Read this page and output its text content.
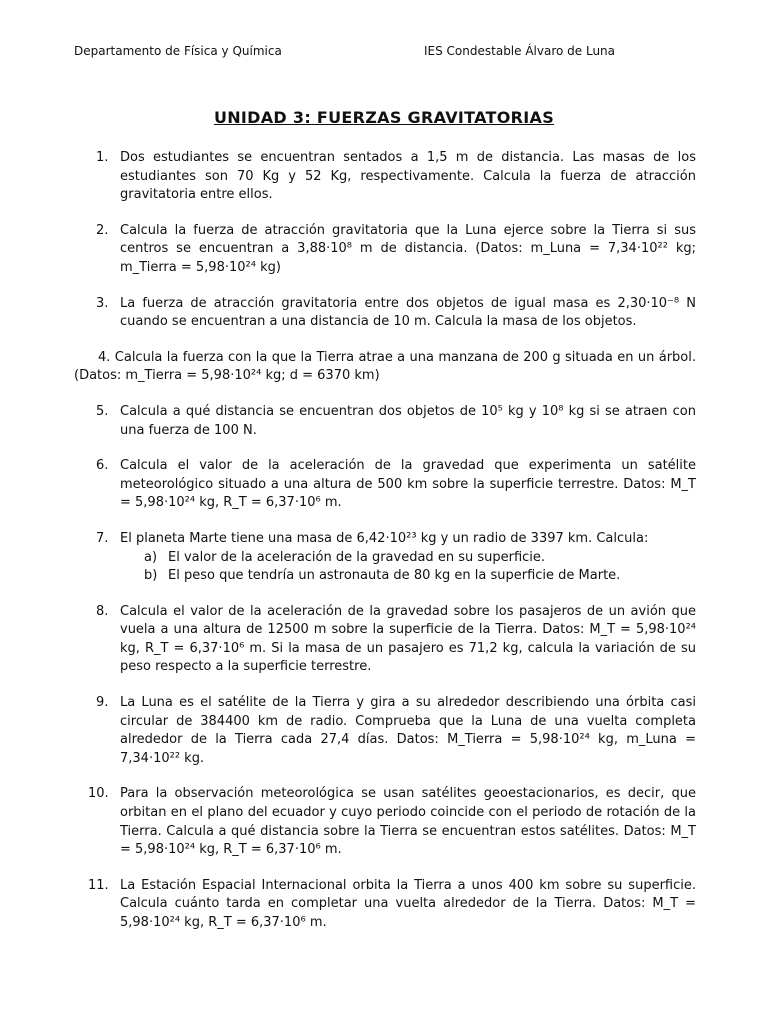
Departamento de Física y Química	IES Condestable Álvaro de Luna
UNIDAD 3: FUERZAS GRAVITATORIAS
1. Dos estudiantes se encuentran sentados a 1,5 m de distancia. Las masas de los estudiantes son 70 Kg y 52 Kg, respectivamente. Calcula la fuerza de atracción gravitatoria entre ellos.
2. Calcula la fuerza de atracción gravitatoria que la Luna ejerce sobre la Tierra si sus centros se encuentran a 3,88·10⁸ m de distancia. (Datos: m_Luna = 7,34·10²² kg; m_Tierra = 5,98·10²⁴ kg)
3. La fuerza de atracción gravitatoria entre dos objetos de igual masa es 2,30·10⁻⁸ N cuando se encuentran a una distancia de 10 m. Calcula la masa de los objetos.
4. Calcula la fuerza con la que la Tierra atrae a una manzana de 200 g situada en un árbol. (Datos: m_Tierra = 5,98·10²⁴ kg; d = 6370 km)
5. Calcula a qué distancia se encuentran dos objetos de 10⁵ kg y 10⁸ kg si se atraen con una fuerza de 100 N.
6. Calcula el valor de la aceleración de la gravedad que experimenta un satélite meteorológico situado a una altura de 500 km sobre la superficie terrestre. Datos: M_T = 5,98·10²⁴ kg, R_T = 6,37·10⁶ m.
7. El planeta Marte tiene una masa de 6,42·10²³ kg y un radio de 3397 km. Calcula:
a) El valor de la aceleración de la gravedad en su superficie.
b) El peso que tendría un astronauta de 80 kg en la superficie de Marte.
8. Calcula el valor de la aceleración de la gravedad sobre los pasajeros de un avión que vuela a una altura de 12500 m sobre la superficie de la Tierra. Datos: M_T = 5,98·10²⁴ kg, R_T = 6,37·10⁶ m. Si la masa de un pasajero es 71,2 kg, calcula la variación de su peso respecto a la superficie terrestre.
9. La Luna es el satélite de la Tierra y gira a su alrededor describiendo una órbita casi circular de 384400 km de radio. Comprueba que la Luna de una vuelta completa alrededor de la Tierra cada 27,4 días. Datos: M_Tierra = 5,98·10²⁴ kg, m_Luna = 7,34·10²² kg.
10. Para la observación meteorológica se usan satélites geoestacionarios, es decir, que orbitan en el plano del ecuador y cuyo periodo coincide con el periodo de rotación de la Tierra. Calcula a qué distancia sobre la Tierra se encuentran estos satélites. Datos: M_T = 5,98·10²⁴ kg, R_T = 6,37·10⁶ m.
11. La Estación Espacial Internacional orbita la Tierra a unos 400 km sobre su superficie. Calcula cuánto tarda en completar una vuelta alrededor de la Tierra. Datos: M_T = 5,98·10²⁴ kg, R_T = 6,37·10⁶ m.
